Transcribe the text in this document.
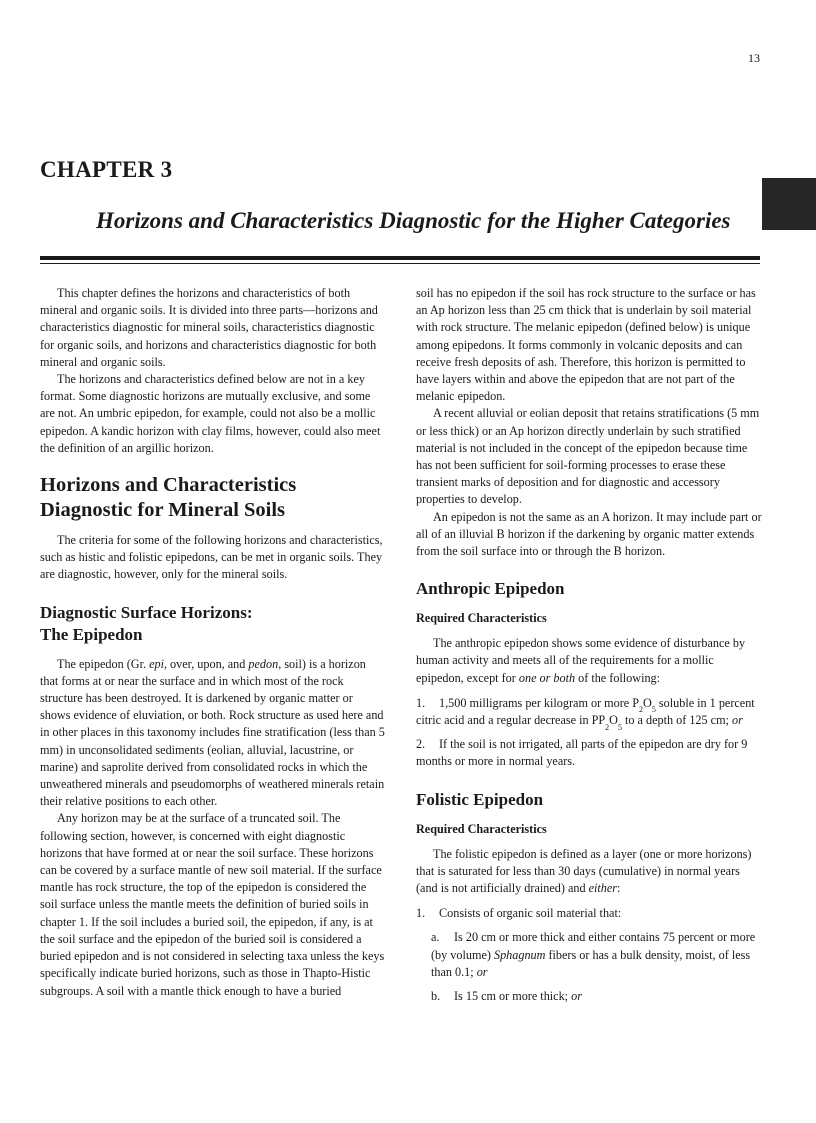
13
CHAPTER 3
Horizons and Characteristics Diagnostic for the Higher Categories

This chapter defines the horizons and characteristics of both mineral and organic soils. It is divided into three parts—horizons and characteristics diagnostic for mineral soils, characteristics diagnostic for organic soils, and horizons and characteristics diagnostic for both mineral and organic soils.

The horizons and characteristics defined below are not in a key format. Some diagnostic horizons are mutually exclusive, and some are not. An umbric epipedon, for example, could not also be a mollic epipedon. A kandic horizon with clay films, however, could also meet the definition of an argillic horizon.

Horizons and Characteristics Diagnostic for Mineral Soils

The criteria for some of the following horizons and characteristics, such as histic and folistic epipedons, can be met in organic soils. They are diagnostic, however, only for the mineral soils.

Diagnostic Surface Horizons:
The Epipedon

The epipedon (Gr. epi, over, upon, and pedon, soil) is a horizon that forms at or near the surface and in which most of the rock structure has been destroyed. It is darkened by organic matter or shows evidence of eluviation, or both. Rock structure as used here and in other places in this taxonomy includes fine stratification (less than 5 mm) in unconsolidated sediments (eolian, alluvial, lacustrine, or marine) and saprolite derived from consolidated rocks in which the unweathered minerals and pseudomorphs of weathered minerals retain their relative positions to each other.

Any horizon may be at the surface of a truncated soil. The following section, however, is concerned with eight diagnostic horizons that have formed at or near the soil surface. These horizons can be covered by a surface mantle of new soil material. If the surface mantle has rock structure, the top of the epipedon is considered the soil surface unless the mantle meets the definition of buried soils in chapter 1. If the soil includes a buried soil, the epipedon, if any, is at the soil surface and the epipedon of the buried soil is considered a buried epipedon and is not considered in selecting taxa unless the keys specifically indicate buried horizons, such as those in Thapto-Histic subgroups. A soil with a mantle thick enough to have a buried

soil has no epipedon if the soil has rock structure to the surface or has an Ap horizon less than 25 cm thick that is underlain by soil material with rock structure. The melanic epipedon (defined below) is unique among epipedons. It forms commonly in volcanic deposits and can receive fresh deposits of ash. Therefore, this horizon is permitted to have layers within and above the epipedon that are not part of the melanic epipedon.

A recent alluvial or eolian deposit that retains stratifications (5 mm or less thick) or an Ap horizon directly underlain by such stratified material is not included in the concept of the epipedon because time has not been sufficient for soil-forming processes to erase these transient marks of deposition and for diagnostic and accessory properties to develop.

An epipedon is not the same as an A horizon. It may include part or all of an illuvial B horizon if the darkening by organic matter extends from the soil surface into or through the B horizon.

Anthropic Epipedon
Required Characteristics

The anthropic epipedon shows some evidence of disturbance by human activity and meets all of the requirements for a mollic epipedon, except for one or both of the following:

1. 1,500 milligrams per kilogram or more $P_2O_5$ soluble in 1 percent citric acid and a regular decrease in $PP_2O_5$ to a depth of 125 cm; or

2. If the soil is not irrigated, all parts of the epipedon are dry for 9 months or more in normal years.

Folistic Epipedon
Required Characteristics

The folistic epipedon is defined as a layer (one or more horizons) that is saturated for less than 30 days (cumulative) in normal years (and is not artificially drained) and either:

1. Consists of organic soil material that:

a. Is 20 cm or more thick and either contains 75 percent or more (by volume) Sphagnum fibers or has a bulk density, moist, of less than 0.1; or

b. Is 15 cm or more thick; or
